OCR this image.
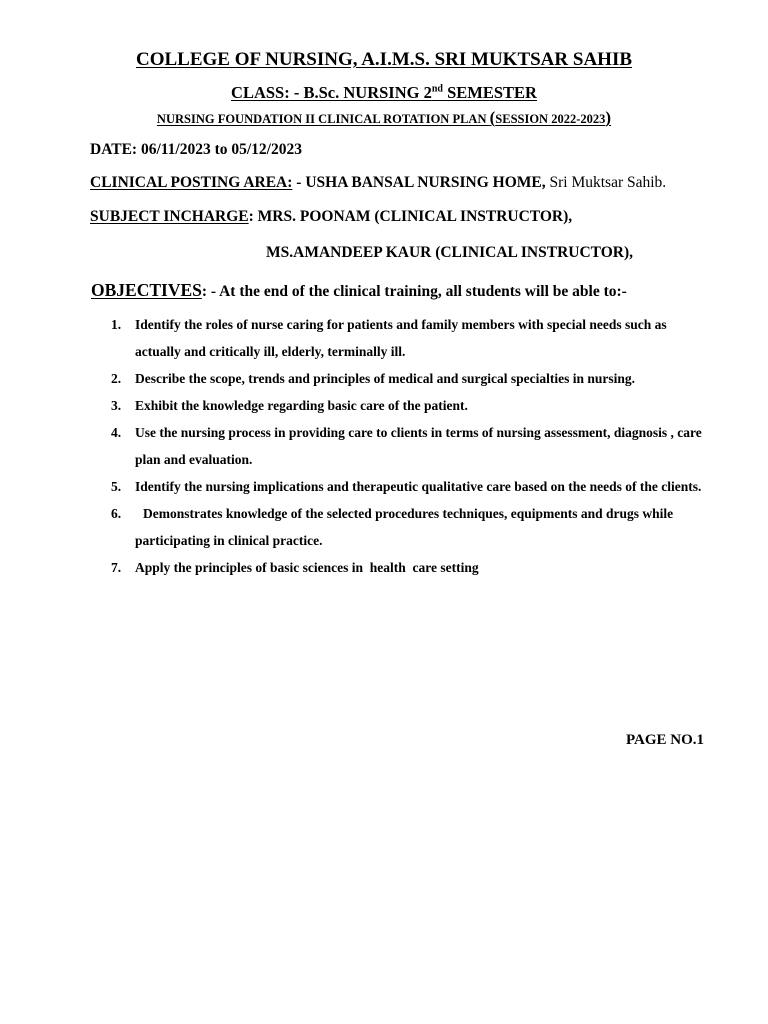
COLLEGE OF NURSING, A.I.M.S. SRI MUKTSAR SAHIB
CLASS: - B.Sc. NURSING 2nd SEMESTER
NURSING FOUNDATION II CLINICAL ROTATION PLAN (SESSION 2022-2023)
DATE: 06/11/2023 to 05/12/2023
CLINICAL POSTING AREA: - USHA BANSAL NURSING HOME, Sri Muktsar Sahib.
SUBJECT INCHARGE: MRS. POONAM (CLINICAL INSTRUCTOR),
MS.AMANDEEP KAUR (CLINICAL INSTRUCTOR),
OBJECTIVES: - At the end of the clinical training, all students will be able to:-
1. Identify the roles of nurse caring for patients and family members with special needs such as actually and critically ill, elderly, terminally ill.
2. Describe the scope, trends and principles of medical and surgical specialties in nursing.
3. Exhibit the knowledge regarding basic care of the patient.
4. Use the nursing process in providing care to clients in terms of nursing assessment, diagnosis , care plan and evaluation.
5. Identify the nursing implications and therapeutic qualitative care based on the needs of the clients.
6. Demonstrates knowledge of the selected procedures techniques, equipments and drugs while participating in clinical practice.
7. Apply the principles of basic sciences in  health  care setting
PAGE NO.1
